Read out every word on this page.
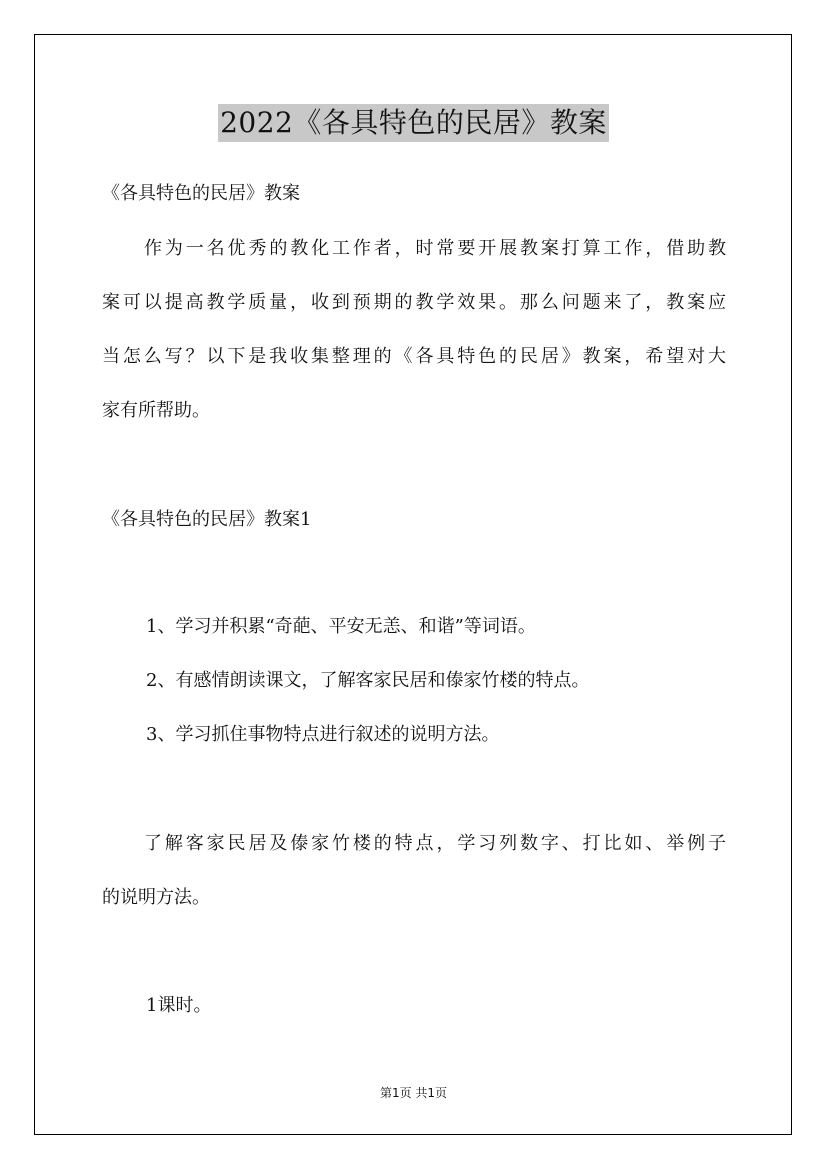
2022《各具特色的民居》教案
《各具特色的民居》教案
作为一名优秀的教化工作者，时常要开展教案打算工作，借助教
案可以提高教学质量，收到预期的教学效果。那么问题来了，教案应
当怎么写？以下是我收集整理的《各具特色的民居》教案，希望对大
家有所帮助。
《各具特色的民居》教案1
1、学习并积累“奇葩、平安无恙、和谐”等词语。
2、有感情朗读课文，了解客家民居和傣家竹楼的特点。
3、学习抓住事物特点进行叙述的说明方法。
了解客家民居及傣家竹楼的特点，学习列数字、打比如、举例子
的说明方法。
1课时。
第1页 共1页
